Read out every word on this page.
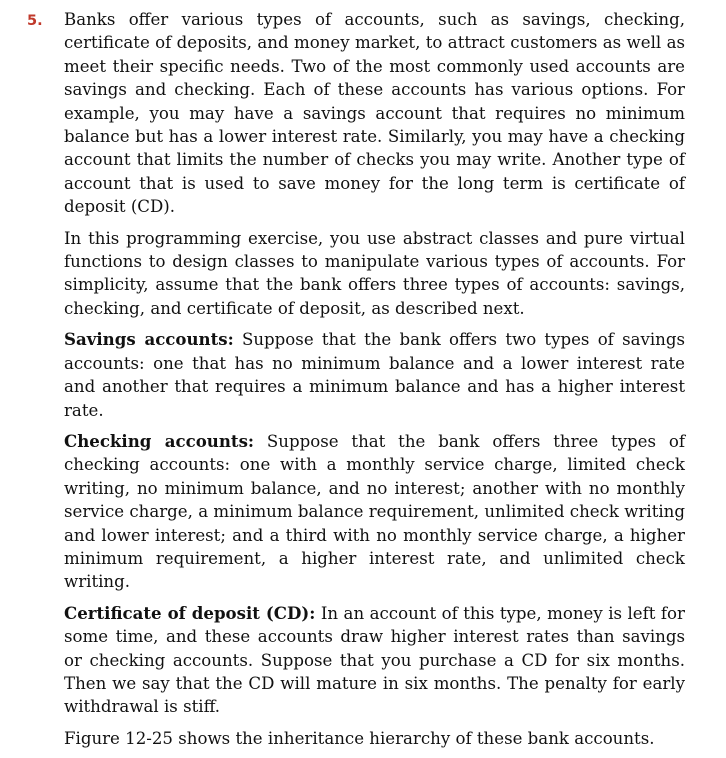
5. Banks offer various types of accounts, such as savings, checking, certificate of deposits, and money market, to attract customers as well as meet their specific needs. Two of the most commonly used accounts are savings and checking. Each of these accounts has various options. For example, you may have a savings account that requires no minimum balance but has a lower interest rate. Similarly, you may have a checking account that limits the number of checks you may write. Another type of account that is used to save money for the long term is certificate of deposit (CD).

In this programming exercise, you use abstract classes and pure virtual functions to design classes to manipulate various types of accounts. For simplicity, assume that the bank offers three types of accounts: savings, checking, and certificate of deposit, as described next.

Savings accounts: Suppose that the bank offers two types of savings accounts: one that has no minimum balance and a lower interest rate and another that requires a minimum balance and has a higher interest rate.

Checking accounts: Suppose that the bank offers three types of checking accounts: one with a monthly service charge, limited check writing, no minimum balance, and no interest; another with no monthly service charge, a minimum balance requirement, unlimited check writing and lower interest; and a third with no monthly service charge, a higher minimum requirement, a higher interest rate, and unlimited check writing.

Certificate of deposit (CD): In an account of this type, money is left for some time, and these accounts draw higher interest rates than savings or checking accounts. Suppose that you purchase a CD for six months. Then we say that the CD will mature in six months. The penalty for early withdrawal is stiff.

Figure 12-25 shows the inheritance hierarchy of these bank accounts.
